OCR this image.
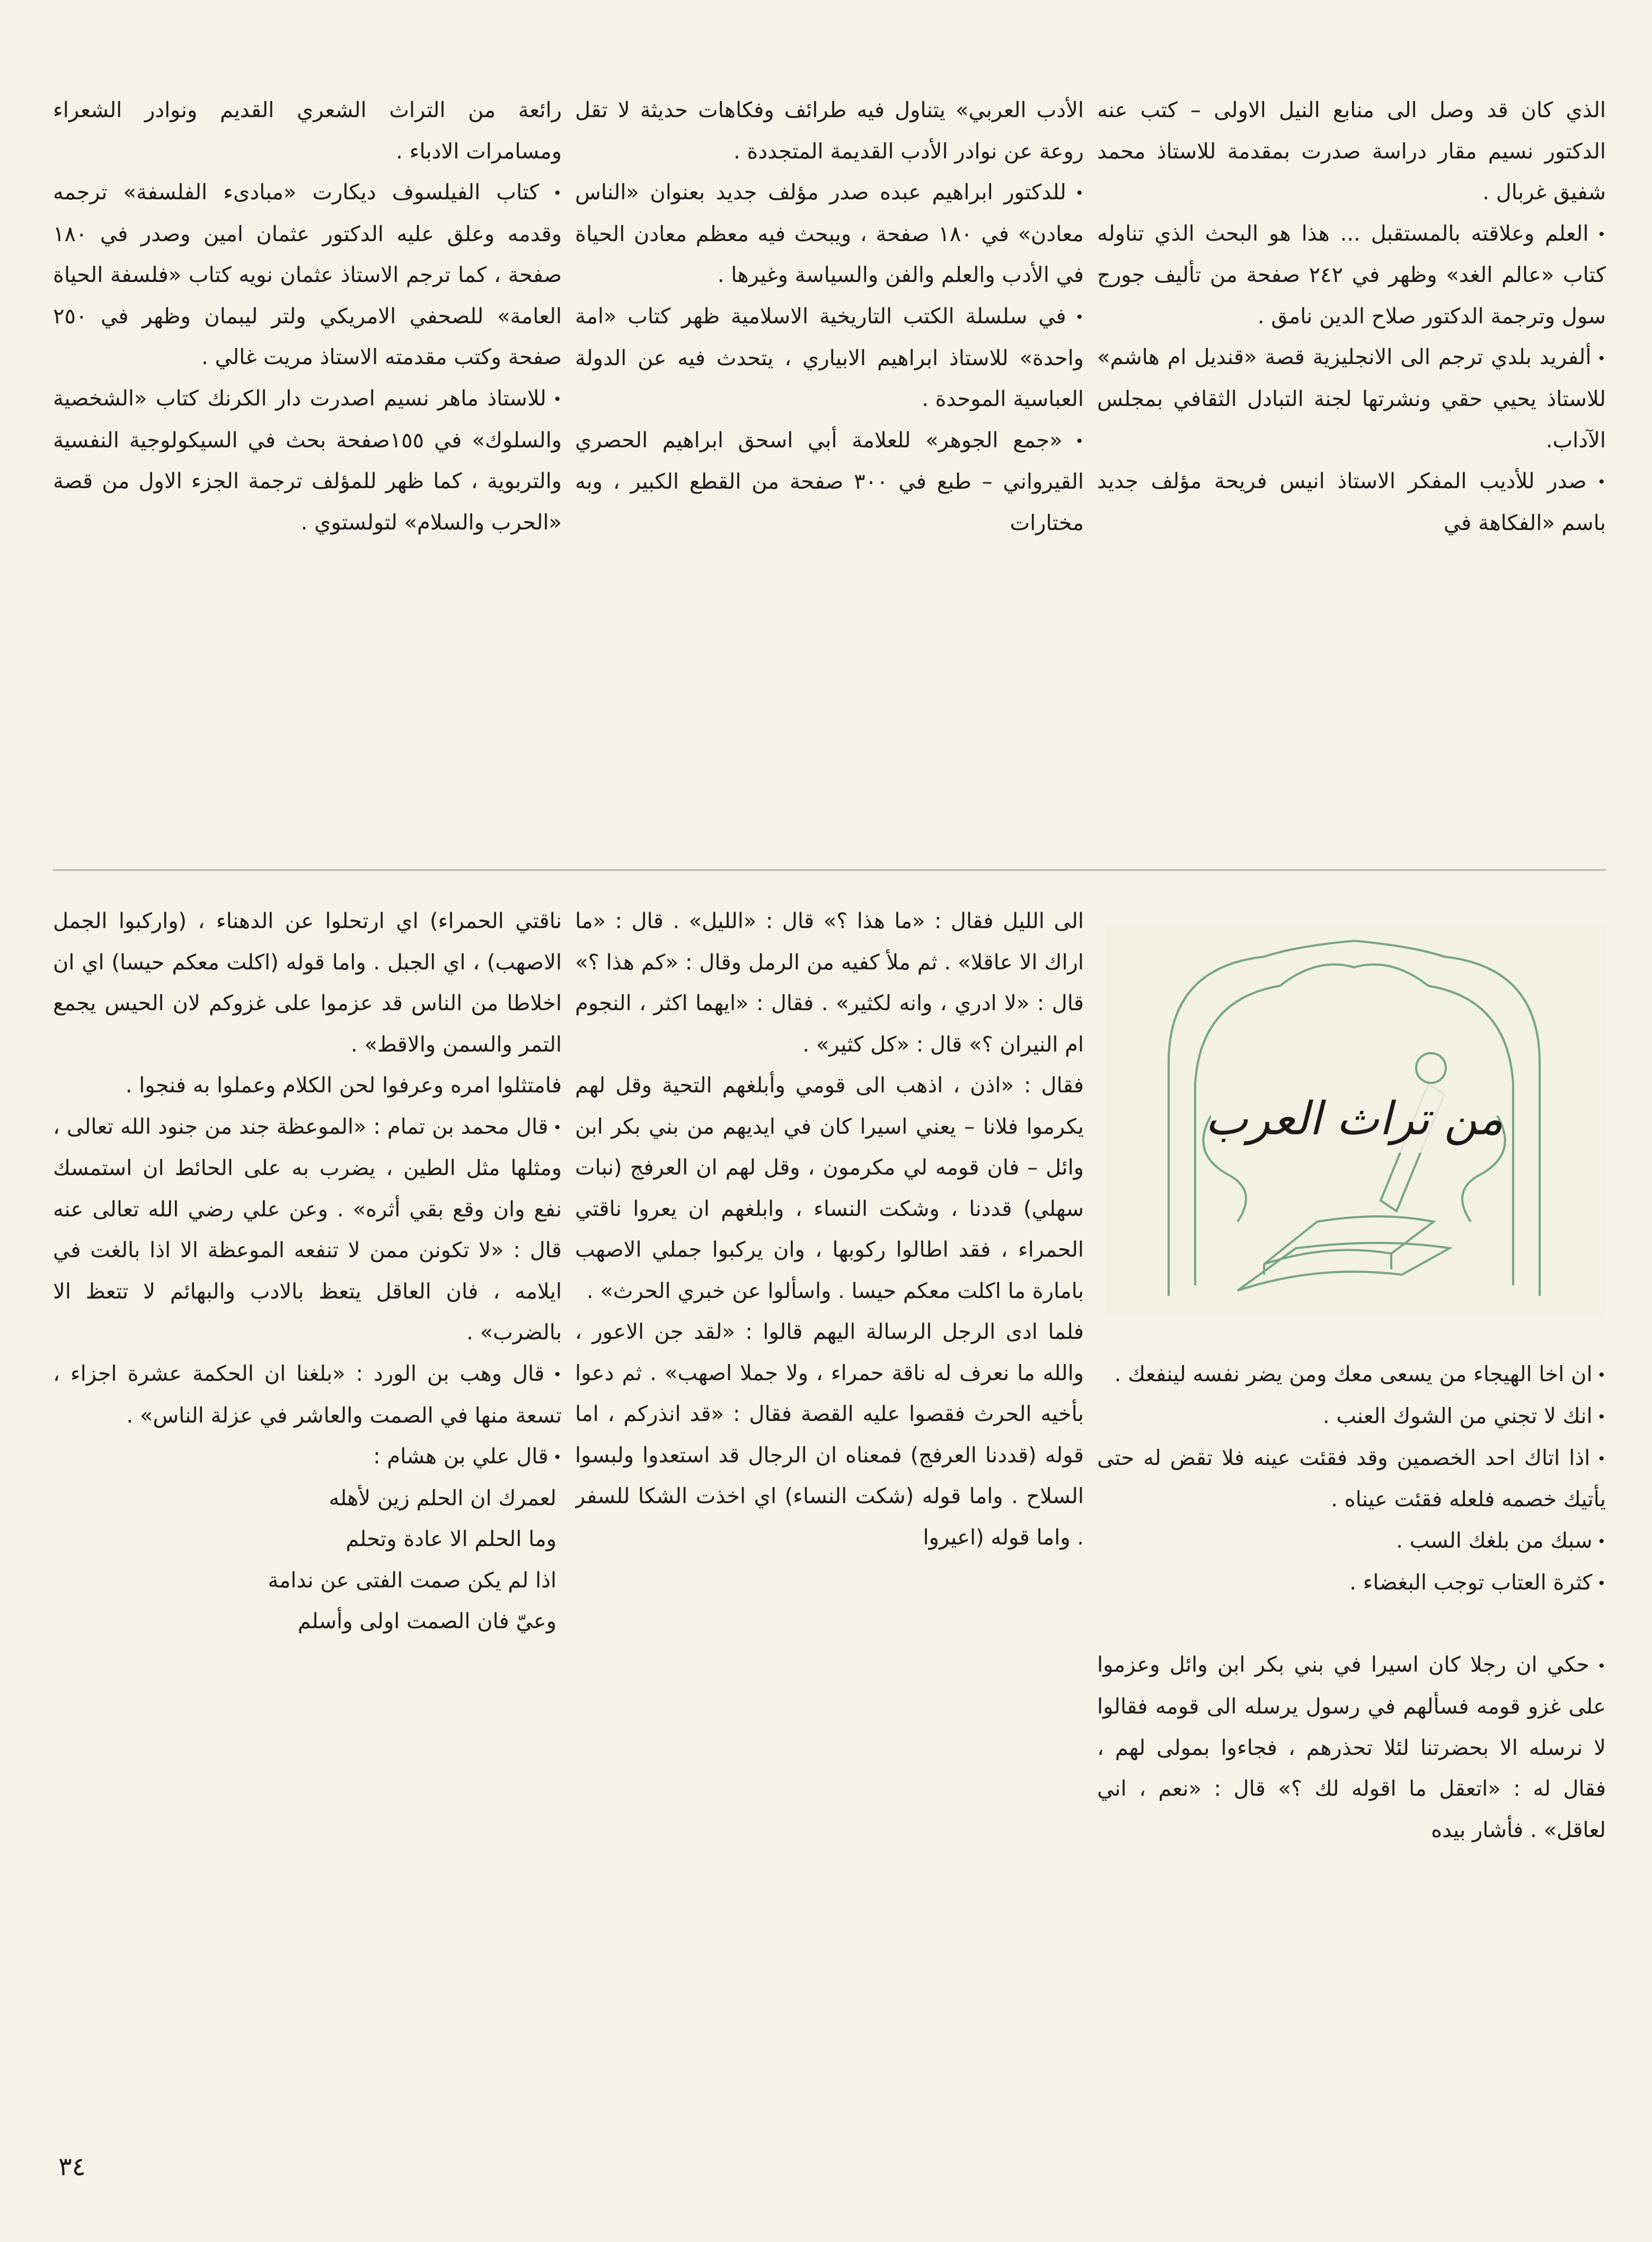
الذي كان قد وصل الى منابع النيل الاولى – كتب عنه الدكتور نسيم مقار دراسة صدرت بمقدمة للاستاذ محمد شفيق غربال .

• العلم وعلاقته بالمستقبل ... هذا هو البحث الذي تناوله كتاب «عالم الغد» وظهر في ٢٤٢ صفحة من تأليف جورج سول وترجمة الدكتور صلاح الدين نامق .

• ألفريد بلدي ترجم الى الانجليزية قصة «قنديل ام هاشم» للاستاذ يحيي حقي ونشرتها لجنة التبادل الثقافي بمجلس الآداب.

• صدر للأديب المفكر الاستاذ انيس فريحة مؤلف جديد باسم «الفكاهة في

الأدب العربي» يتناول فيه طرائف وفكاهات حديثة لا تقل روعة عن نوادر الأدب القديمة المتجددة .

• للدكتور ابراهيم عبده صدر مؤلف جديد بعنوان «الناس معادن» في ١٨٠ صفحة ، ويبحث فيه معظم معادن الحياة في الأدب والعلم والفن والسياسة وغيرها .

• في سلسلة الكتب التاريخية الاسلامية ظهر كتاب «امة واحدة» للاستاذ ابراهيم الابياري ، يتحدث فيه عن الدولة العباسية الموحدة .

• «جمع الجوهر» للعلامة أبي اسحق ابراهيم الحصري القيرواني – طبع في ٣٠٠ صفحة من القطع الكبير ، وبه مختارات

رائعة من التراث الشعري القديم ونوادر الشعراء ومسامرات الادباء .

• كتاب الفيلسوف ديكارت «مبادىء الفلسفة» ترجمه وقدمه وعلق عليه الدكتور عثمان امين وصدر في ١٨٠ صفحة ، كما ترجم الاستاذ عثمان نويه كتاب «فلسفة الحياة العامة» للصحفي الامريكي ولتر ليبمان وظهر في ٢٥٠ صفحة وكتب مقدمته الاستاذ مريت غالي .

• للاستاذ ماهر نسيم اصدرت دار الكرنك كتاب «الشخصية والسلوك» في ١٥٥صفحة بحث في السيكولوجية النفسية والتربوية ، كما ظهر للمؤلف ترجمة الجزء الاول من قصة «الحرب والسلام» لتولستوي .

من تراث العرب

• ان اخا الهيجاء من يسعى معك ومن يضر نفسه لينفعك .

• انك لا تجني من الشوك العنب .

• اذا اتاك احد الخصمين وقد فقئت عينه فلا تقض له حتى يأتيك خصمه فلعله فقئت عيناه .

• سبك من بلغك السب .

• كثرة العتاب توجب البغضاء .

• حكي ان رجلا كان اسيرا في بني بكر ابن وائل وعزموا على غزو قومه فسألهم في رسول يرسله الى قومه فقالوا لا نرسله الا بحضرتنا لئلا تحذرهم ، فجاءوا بمولى لهم ، فقال له : «اتعقل ما اقوله لك ؟» قال : «نعم ، اني لعاقل» . فأشار بيده

الى الليل فقال : «ما هذا ؟» قال : «الليل» . قال : «ما اراك الا عاقلا» . ثم ملأ كفيه من الرمل وقال : «كم هذا ؟» قال : «لا ادري ، وانه لكثير» . فقال : «ايهما اكثر ، النجوم ام النيران ؟» قال : «كل كثير» .

فقال : «اذن ، اذهب الى قومي وأبلغهم التحية وقل لهم يكرموا فلانا – يعني اسيرا كان في ايديهم من بني بكر ابن وائل – فان قومه لي مكرمون ، وقل لهم ان العرفج (نبات سهلي) قددنا ، وشكت النساء ، وابلغهم ان يعروا ناقتي الحمراء ، فقد اطالوا ركوبها ، وان يركبوا جملي الاصهب بامارة ما اكلت معكم حيسا . واسألوا عن خبري الحرث» .

فلما ادى الرجل الرسالة اليهم قالوا : «لقد جن الاعور ، والله ما نعرف له ناقة حمراء ، ولا جملا اصهب» . ثم دعوا بأخيه الحرث فقصوا عليه القصة فقال : «قد انذركم ، اما قوله (قددنا العرفج) فمعناه ان الرجال قد استعدوا ولبسوا السلاح . واما قوله (شكت النساء) اي اخذت الشكا للسفر . واما قوله (اعيروا

ناقتي الحمراء) اي ارتحلوا عن الدهناء ، (واركبوا الجمل الاصهب) ، اي الجبل . واما قوله (اكلت معكم حيسا) اي ان اخلاطا من الناس قد عزموا على غزوكم لان الحيس يجمع التمر والسمن والاقط» .

فامتثلوا امره وعرفوا لحن الكلام وعملوا به فنجوا .

• قال محمد بن تمام : «الموعظة جند من جنود الله تعالى ، ومثلها مثل الطين ، يضرب به على الحائط ان استمسك نفع وان وقع بقي أثره» . وعن علي رضي الله تعالى عنه قال : «لا تكونن ممن لا تنفعه الموعظة الا اذا بالغت في ايلامه ، فان العاقل يتعظ بالادب والبهائم لا تتعظ الا بالضرب» .

• قال وهب بن الورد : «بلغنا ان الحكمة عشرة اجزاء ، تسعة منها في الصمت والعاشر في عزلة الناس» .

• قال علي بن هشام :

لعمرك ان الحلم زين لأهله

وما الحلم الا عادة وتحلم

اذا لم يكن صمت الفتى عن ندامة

وعيّ فان الصمت اولى وأسلم

٣٤
